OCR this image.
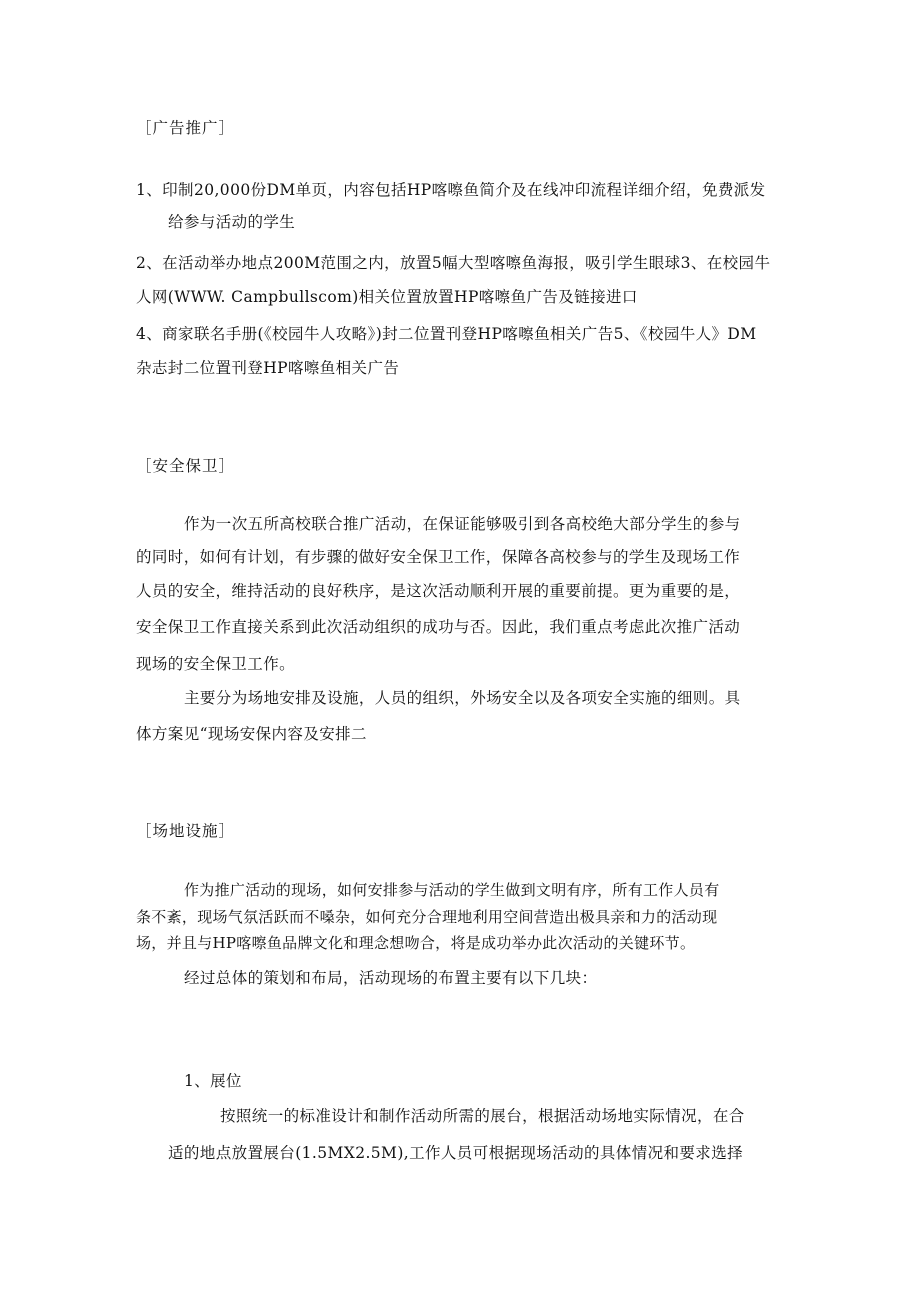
［广告推广］
1、印制20,000份DM单页，内容包括HP喀嚓鱼简介及在线冲印流程详细介绍，免费派发
给参与活动的学生
2、在活动举办地点200M范围之内，放置5幅大型喀嚓鱼海报，吸引学生眼球3、在校园牛
人网(WWW. Campbullscom)相关位置放置HP喀嚓鱼广告及链接进口
4、商家联名手册(《校园牛人攻略》)封二位置刊登HP喀嚓鱼相关广告5、《校园牛人》DM
杂志封二位置刊登HP喀嚓鱼相关广告
［安全保卫］
作为一次五所高校联合推广活动，在保证能够吸引到各高校绝大部分学生的参与
的同时，如何有计划，有步骤的做好安全保卫工作，保障各高校参与的学生及现场工作
人员的安全，维持活动的良好秩序，是这次活动顺利开展的重要前提。更为重要的是，
安全保卫工作直接关系到此次活动组织的成功与否。因此，我们重点考虑此次推广活动
现场的安全保卫工作。
主要分为场地安排及设施，人员的组织，外场安全以及各项安全实施的细则。具
体方案见“现场安保内容及安排二
［场地设施］
作为推广活动的现场，如何安排参与活动的学生做到文明有序，所有工作人员有
条不紊，现场气氛活跃而不嗓杂，如何充分合理地利用空间营造出极具亲和力的活动现
场，并且与HP喀嚓鱼品牌文化和理念想吻合，将是成功举办此次活动的关键环节。
经过总体的策划和布局，活动现场的布置主要有以下几块：
1、展位
按照统一的标准设计和制作活动所需的展台，根据活动场地实际情况，在合
适的地点放置展台(1.5MX2.5M),工作人员可根据现场活动的具体情况和要求选择
